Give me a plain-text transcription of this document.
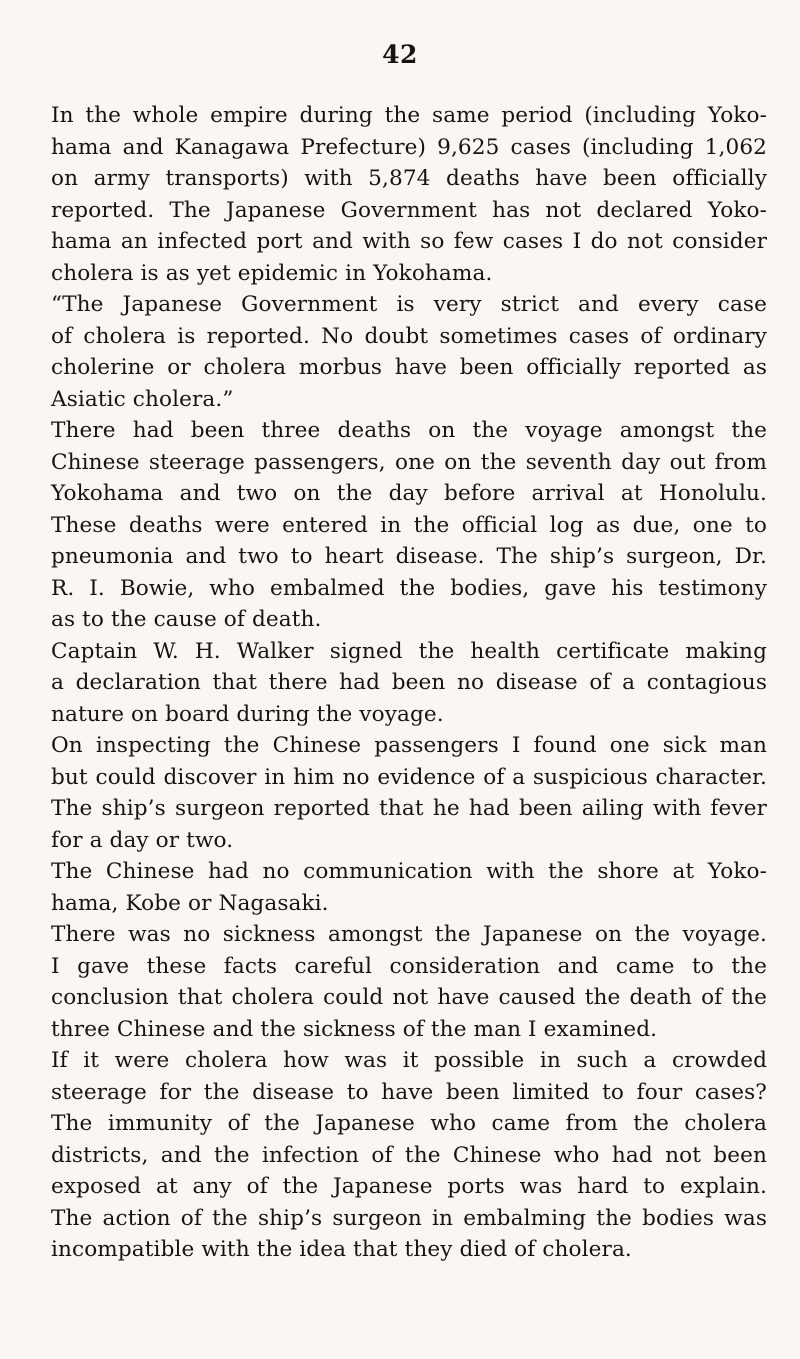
42
In the whole empire during the same period (including Yoko-
hama and Kanagawa Prefecture) 9,625 cases (including 1,062
on army transports) with 5,874 deaths have been officially
reported. The Japanese Government has not declared Yoko-
hama an infected port and with so few cases I do not consider
cholera is as yet epidemic in Yokohama.
“The Japanese Government is very strict and every case
of cholera is reported. No doubt sometimes cases of ordinary
cholerine or cholera morbus have been officially reported as
Asiatic cholera.”
There had been three deaths on the voyage amongst the
Chinese steerage passengers, one on the seventh day out from
Yokohama and two on the day before arrival at Honolulu.
These deaths were entered in the official log as due, one to
pneumonia and two to heart disease. The ship’s surgeon, Dr.
R. I. Bowie, who embalmed the bodies, gave his testimony
as to the cause of death.
Captain W. H. Walker signed the health certificate making
a declaration that there had been no disease of a contagious
nature on board during the voyage.
On inspecting the Chinese passengers I found one sick man
but could discover in him no evidence of a suspicious character.
The ship’s surgeon reported that he had been ailing with fever
for a day or two.
The Chinese had no communication with the shore at Yoko-
hama, Kobe or Nagasaki.
There was no sickness amongst the Japanese on the voyage.
I gave these facts careful consideration and came to the
conclusion that cholera could not have caused the death of the
three Chinese and the sickness of the man I examined.
If it were cholera how was it possible in such a crowded
steerage for the disease to have been limited to four cases?
The immunity of the Japanese who came from the cholera
districts, and the infection of the Chinese who had not been
exposed at any of the Japanese ports was hard to explain.
The action of the ship’s surgeon in embalming the bodies was
incompatible with the idea that they died of cholera.
